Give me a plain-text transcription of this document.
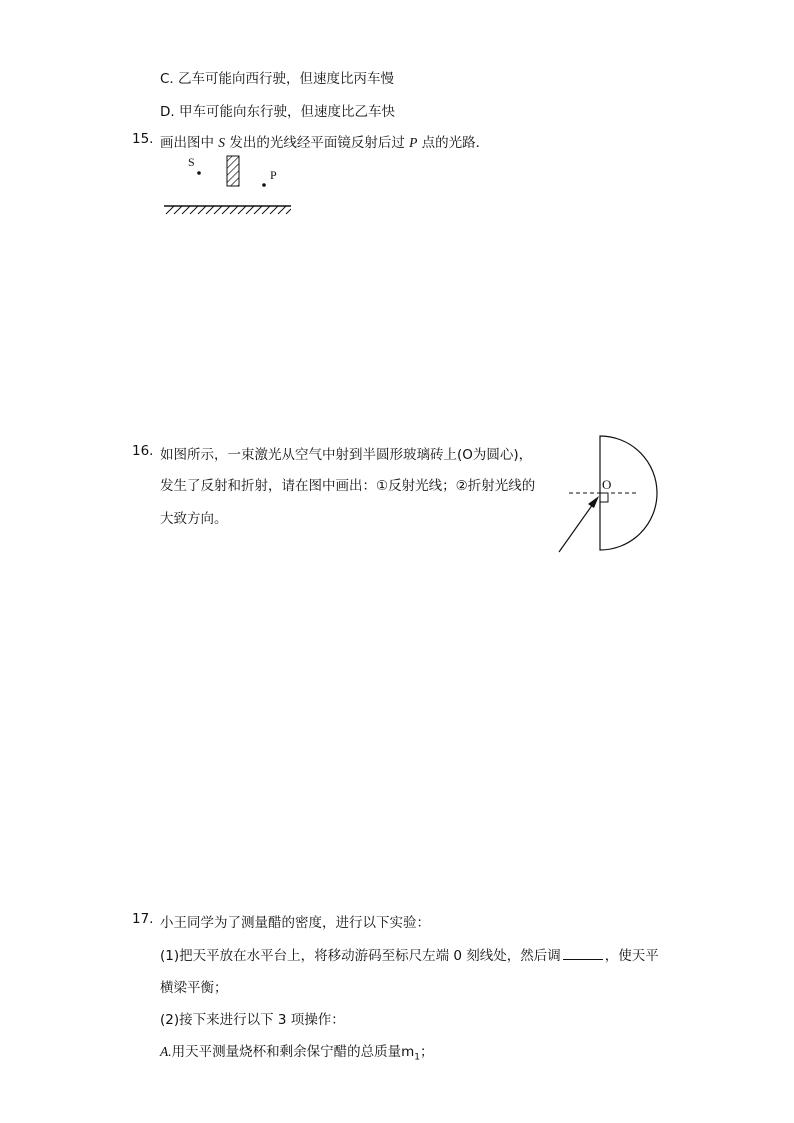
C. 乙车可能向西行驶，但速度比丙车慢
D. 甲车可能向东行驶，但速度比乙车快
15. 画出图中 S 发出的光线经平面镜反射后过 P 点的光路．
S
P
16. 如图所示，一束激光从空气中射到半圆形玻璃砖上(O为圆心)，
发生了反射和折射，请在图中画出：①反射光线；②折射光线的
大致方向。
O
17. 小王同学为了测量醋的密度，进行以下实验：
(1)把天平放在水平台上，将移动游码至标尺左端 0 刻线处，然后调	，使天平
横梁平衡；
(2)接下来进行以下 3 项操作：
A.用天平测量烧杯和剩余保宁醋的总质量$m_1$；
